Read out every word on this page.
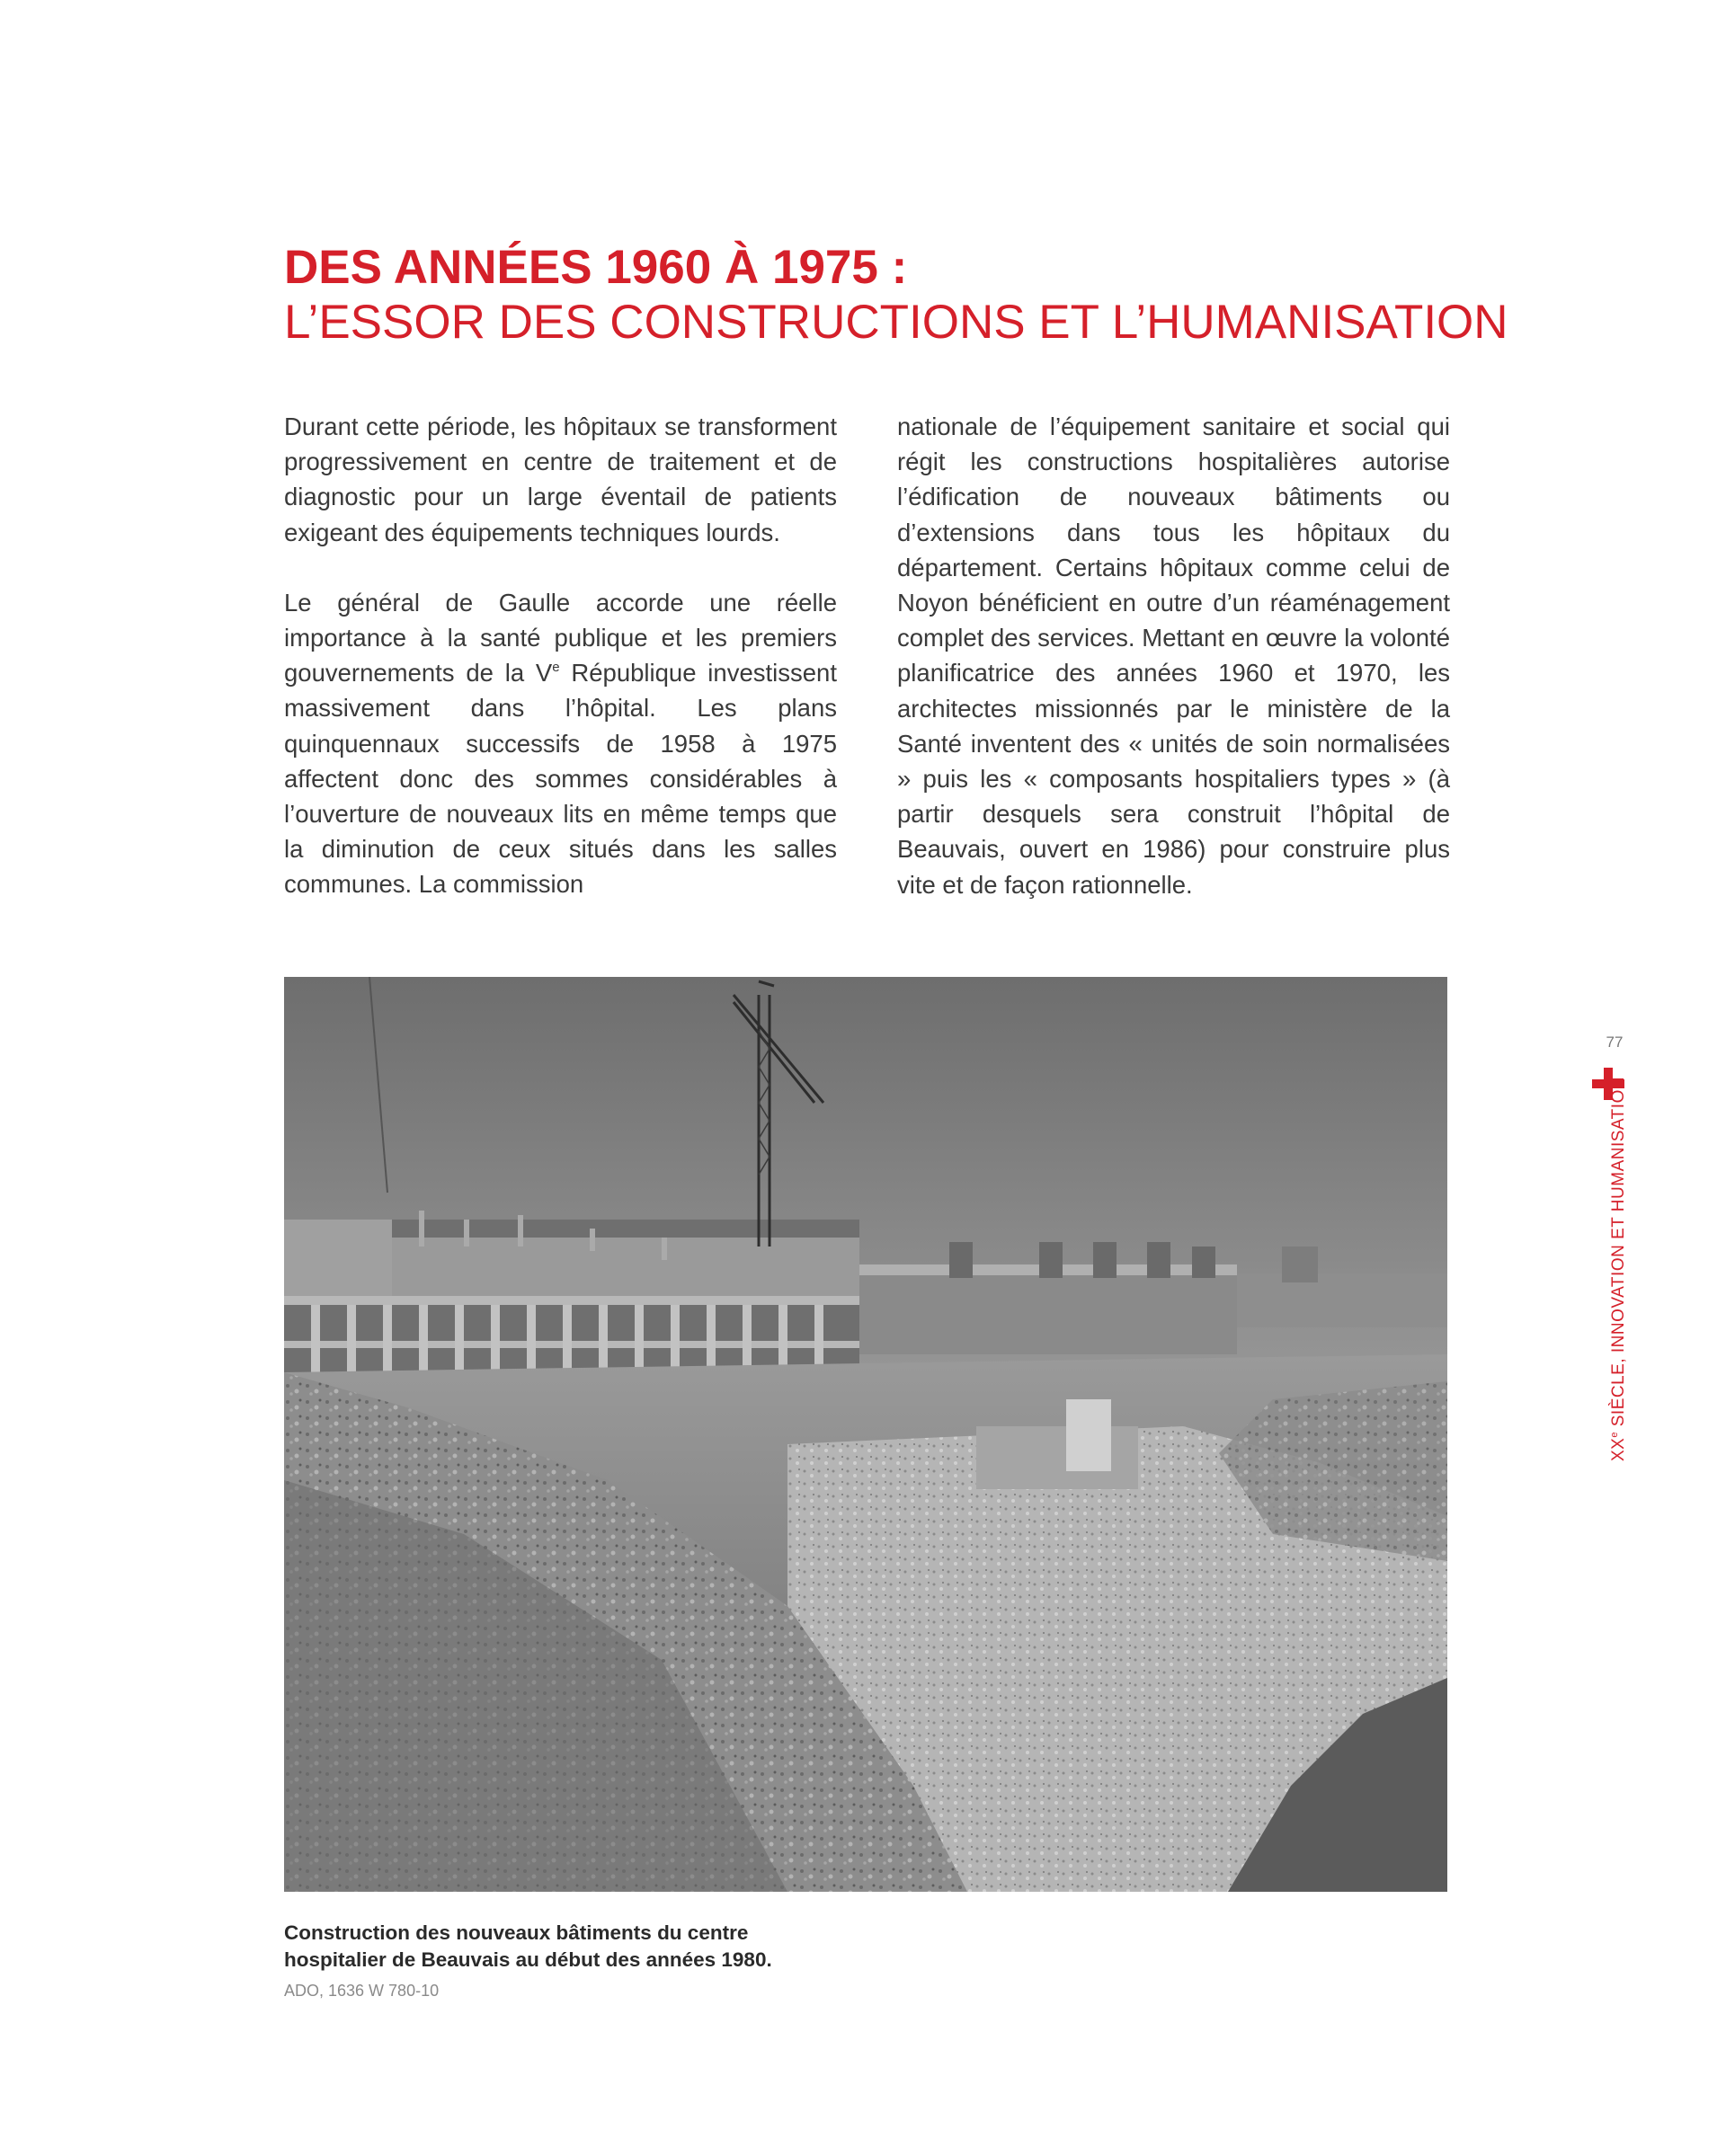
DES ANNÉES 1960 À 1975 :
L’ESSOR DES CONSTRUCTIONS ET L’HUMANISATION

Durant cette période, les hôpitaux se transforment progressivement en centre de traitement et de diagnostic pour un large éventail de patients exigeant des équipements techniques lourds.

Le général de Gaulle accorde une réelle importance à la santé publique et les premiers gouvernements de la Ve République investissent massivement dans l’hôpital. Les plans quinquennaux successifs de 1958 à 1975 affectent donc des sommes considérables à l’ouverture de nouveaux lits en même temps que la diminution de ceux situés dans les salles communes. La commission

nationale de l’équipement sanitaire et social qui régit les constructions hospitalières autorise l’édification de nouveaux bâtiments ou d’extensions dans tous les hôpitaux du département. Certains hôpitaux comme celui de Noyon bénéficient en outre d’un réaménagement complet des services. Mettant en œuvre la volonté planificatrice des années 1960 et 1970, les architectes missionnés par le ministère de la Santé inventent des « unités de soin normalisées » puis les « composants hospitaliers types » (à partir desquels sera construit l’hôpital de Beauvais, ouvert en 1986) pour construire plus vite et de façon rationnelle.

Construction des nouveaux bâtiments du centre
hospitalier de Beauvais au début des années 1980.
ADO, 1636 W 780-10
77
XXe SIÈCLE, INNOVATION ET HUMANISATION
